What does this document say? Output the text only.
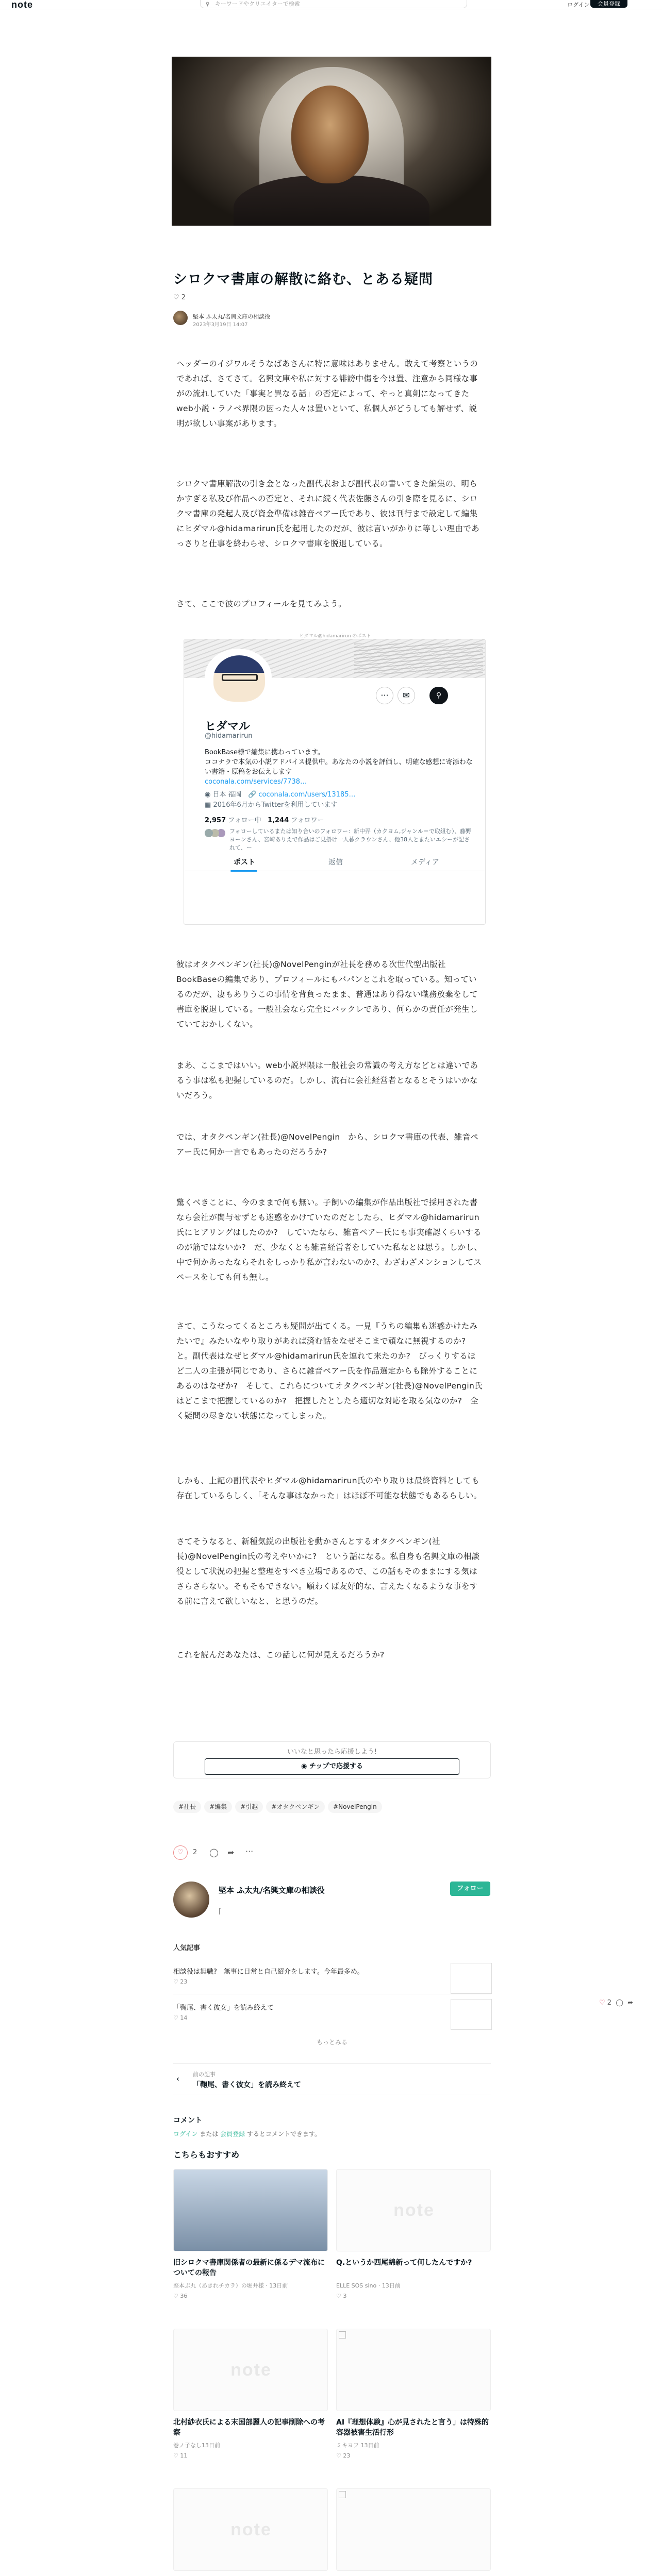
note	⚲ キーワードやクリエイターで検索	ログイン	会員登録
シロクマ書庫の解散に絡む、とある疑問
♡ 2
堅本 ふ太丸/名興文庫の相談役
2023年3月19日 14:07

ヘッダーのイジワルそうなばあさんに特に意味はありません。敢えて考察というのであれば、さてさて。名興文庫や私に対する誹謗中傷を今は置、注意から同様な事がの流れしていた「事実と異なる話」の否定によって、やっと真剣になってきたweb小説・ラノベ界隈の因った人々は置いといて、私個人がどうしても解せず、説明が欲しい事案があります。

シロクマ書庫解散の引き金となった副代表および副代表の書いてきた編集の、明らかすぎる私及び作品への否定と、それに続く代表佐藤さんの引き際を見るに、シロクマ書庫の発起人及び資金準備は雑音ペアー氏であり、彼は刊行まで設定して編集にヒダマル@hidamarirun氏を起用したのだが、彼は言いがかりに等しい理由であっさりと仕事を終わらせ、シロクマ書庫を脱退している。

さて、ここで彼のプロフィールを見てみよう。

ヒダマル@hidamarirun のポスト
···	✉	⚲
ヒダマル
@hidamarirun
BookBase様で編集に携わっています。
ココナラで本気の小説アドバイス提供中。あなたの小説を評価し、明確な感想に寄添わない書籍・原稿をお伝えします
coconala.com/services/7738…
◉ 日本 福岡 🔗 coconala.com/users/13185…
▦ 2016年6月からTwitterを利用しています
2,957 フォロー中 1,244 フォロワー
フォローしているまたは知り合いのフォロワー：新中弄（カクヨム,ジャンル＝で取組む）、藤野ヨーンさん、宮崎ありえで作品はご見掛け一人暮クラウンさん、他38人とまたいエシーが記されて、ー
ポスト	返信	メディア

彼はオタクペンギン(社長)@NovelPenginが社長を務める次世代型出版社BookBaseの編集であり、プロフィールにもバパンとこれを取っている。知っているのだが、凄もありうこの事情を背負ったまま、普通はあり得ない職務放棄をして書庫を脱退している。一般社会なら完全にバックレであり、何らかの責任が発生していておかしくない。

まあ、ここまではいい。web小説界隈は一般社会の常識の考え方などとは違いであるう事は私も把握しているのだ。しかし、流石に会社経営者となるとそうはいかないだろう。

では、オタクペンギン(社長)@NovelPengin　から、シロクマ書庫の代表、雑音ペアー氏に何か一言でもあったのだろうか?

驚くべきことに、今のままで何も無い。子飼いの編集が作品出版社で採用された書なら会社が関与せずとも迷惑をかけていたのだとしたら、ヒダマル@hidamarirun氏にヒアリングはしたのか?　していたなら、雑音ペアー氏にも事実確認くらいするのが筋ではないか?　だ、少なくとも雑音経営者をしていた私なとは思う。しかし、中で何かあったならそれをしっかり私が言わないのか?、わざわざメンションしてスペースをしても何も無し。

さて、こうなってくるところも疑問が出てくる。一見『うちの編集も迷惑かけたみたいで』みたいなやり取りがあれば済む話をなぜそこまで頑なに無視するのか?　と。副代表はなぜヒダマル@hidamarirun氏を連れて来たのか?　びっくりするほど二人の主張が同じであり、さらに雑音ペアー氏を作品選定からも除外することにあるのはなぜか?　そして、これらについてオタクペンギン(社長)@NovelPengin氏はどこまで把握しているのか?　把握したとしたら適切な対応を取る気なのか?　全く疑問の尽きない状態になってしまった。

しかも、上記の副代表やヒダマル@hidamarirun氏のやり取りは最終資料としても存在しているらしく、「そんな事はなかった」はほぼ不可能な状態でもあるらしい。

さてそうなると、新種気鋭の出版社を動かさんとするオタクペンギン(社長)@NovelPengin氏の考えやいかに?　という話になる。私自身も名興文庫の相談役として状況の把握と整理をすべき立場であるので、この話もそのままにする気はさらさらない。そもそもできない。願わくば友好的な、言えたくなるような事をする前に言えて欲しいなと、と思うのだ。

これを読んだあなたは、この話しに何が見えるだろうか?

いいなと思ったら応援しよう!
◉ チップで応援する
#社長 #編集 #引越 #オタクペンギン #NovelPengin
♡	2 ◯ ➦ ···
堅本 ふ太丸/名興文庫の相談役
⌈
フォロー
人気記事
相談役は無職?　無事に日常と自己紹介をします。今年最多め。
♡ 23
「鞠尾、書く彼女」を読み終えて
♡ 14
もっとみる
‹ 前の記事
「鞠尾、書く彼女」を読み終えて
コメント
ログイン または 会員登録 するとコメントできます。
こちらもおすすめ
旧シロクマ書庫関係者の最新に係るデマ流布についての報告
堅本ぷ丸（あきれチカラ）の堀井様 · 13日前
♡ 36
note
Q.というか西尾綿新って何したんですか?
ELLE SOS sino · 13日前
♡ 3
note
北村紗衣氏による末国部麗人の記事削除への考察
巻ノ子なし13日前
♡ 11
AI『理想体験』心が見されたと言う」は特殊的容器被害生活行形
ミキヨフ 13日前
♡ 23
note
♡ 2 ◯ ➦
